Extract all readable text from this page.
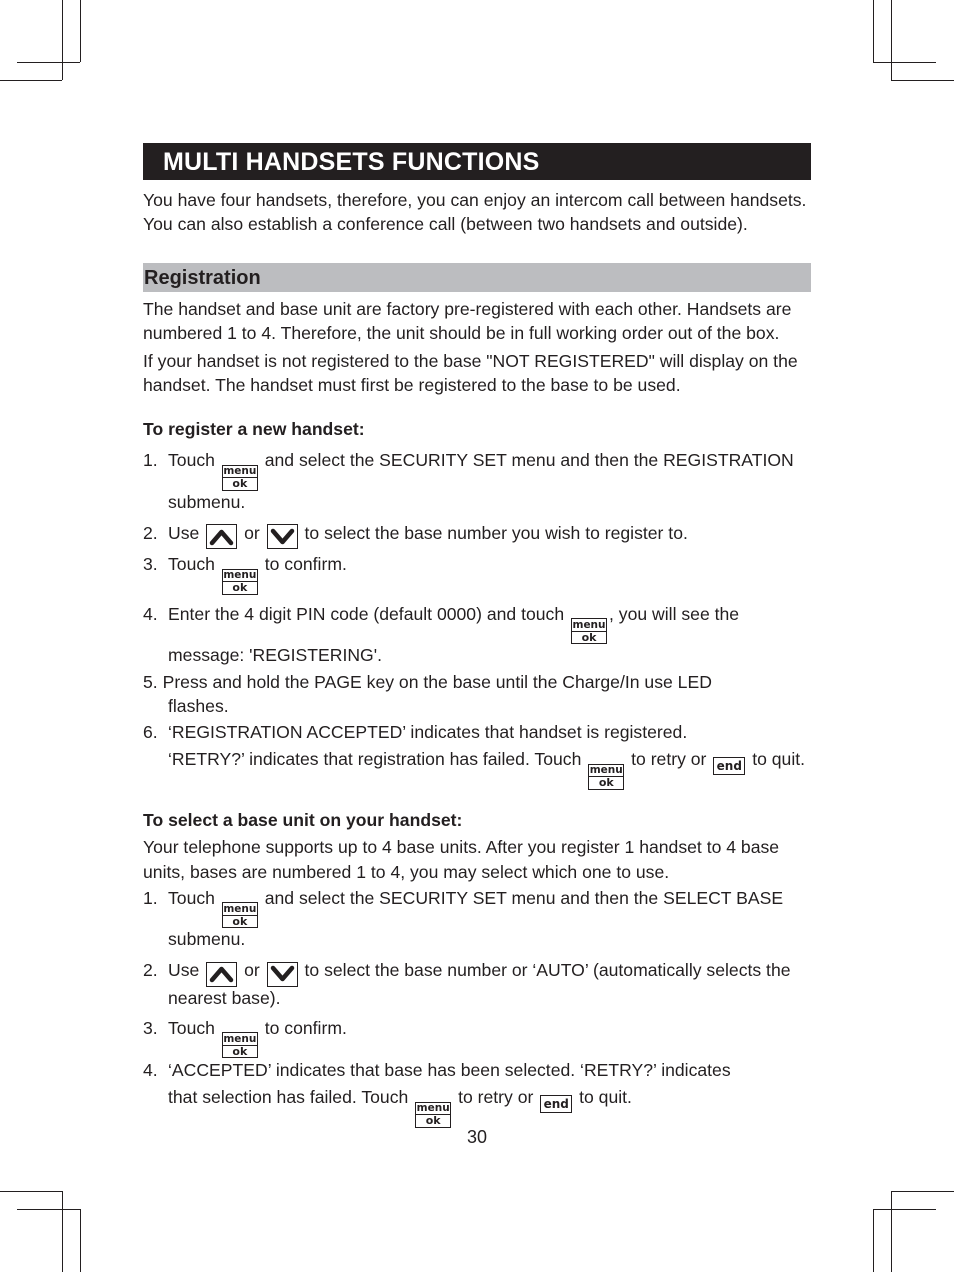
MULTI HANDSETS FUNCTIONS

You have four handsets, therefore, you can enjoy an intercom call between handsets. You can also establish a conference call (between two handsets and outside).

Registration

The handset and base unit are factory pre-registered with each other. Handsets are numbered 1 to 4. Therefore, the unit should be in full working order out of the box.

If your handset is not registered to the base "NOT REGISTERED" will display on the handset. The handset must first be registered to the base to be used.

To register a new handset:

1. Touch
menu
ok
and select the SECURITY SET menu and then the REGISTRATION submenu.
2. Use	or	to select the base number you wish to register to.
3. Touch
menu
ok
to confirm.
4. Enter the 4 digit PIN code (default 0000) and touch
menu
ok
, you will see the message: 'REGISTERING'.
5. Press and hold the PAGE key on the base until the Charge/In use LED
flashes.
6. ‘REGISTRATION ACCEPTED’ indicates that handset is registered.
‘RETRY?’ indicates that registration has failed. Touch
menu
ok
to retry or end to quit.

To select a base unit on your handset:

Your telephone supports up to 4 base units. After you register 1 handset to 4 base units, bases are numbered 1 to 4, you may select which one to use.

1. Touch
menu
ok
and select the SECURITY SET menu and then the SELECT BASE submenu.
2. Use	or	to select the base number or ‘AUTO’ (automatically selects the nearest base).
3. Touch
menu
ok
to confirm.
4. ‘ACCEPTED’ indicates that base has been selected. ‘RETRY?’ indicates
that selection has failed. Touch
menu
ok
to retry or end to quit.
30
